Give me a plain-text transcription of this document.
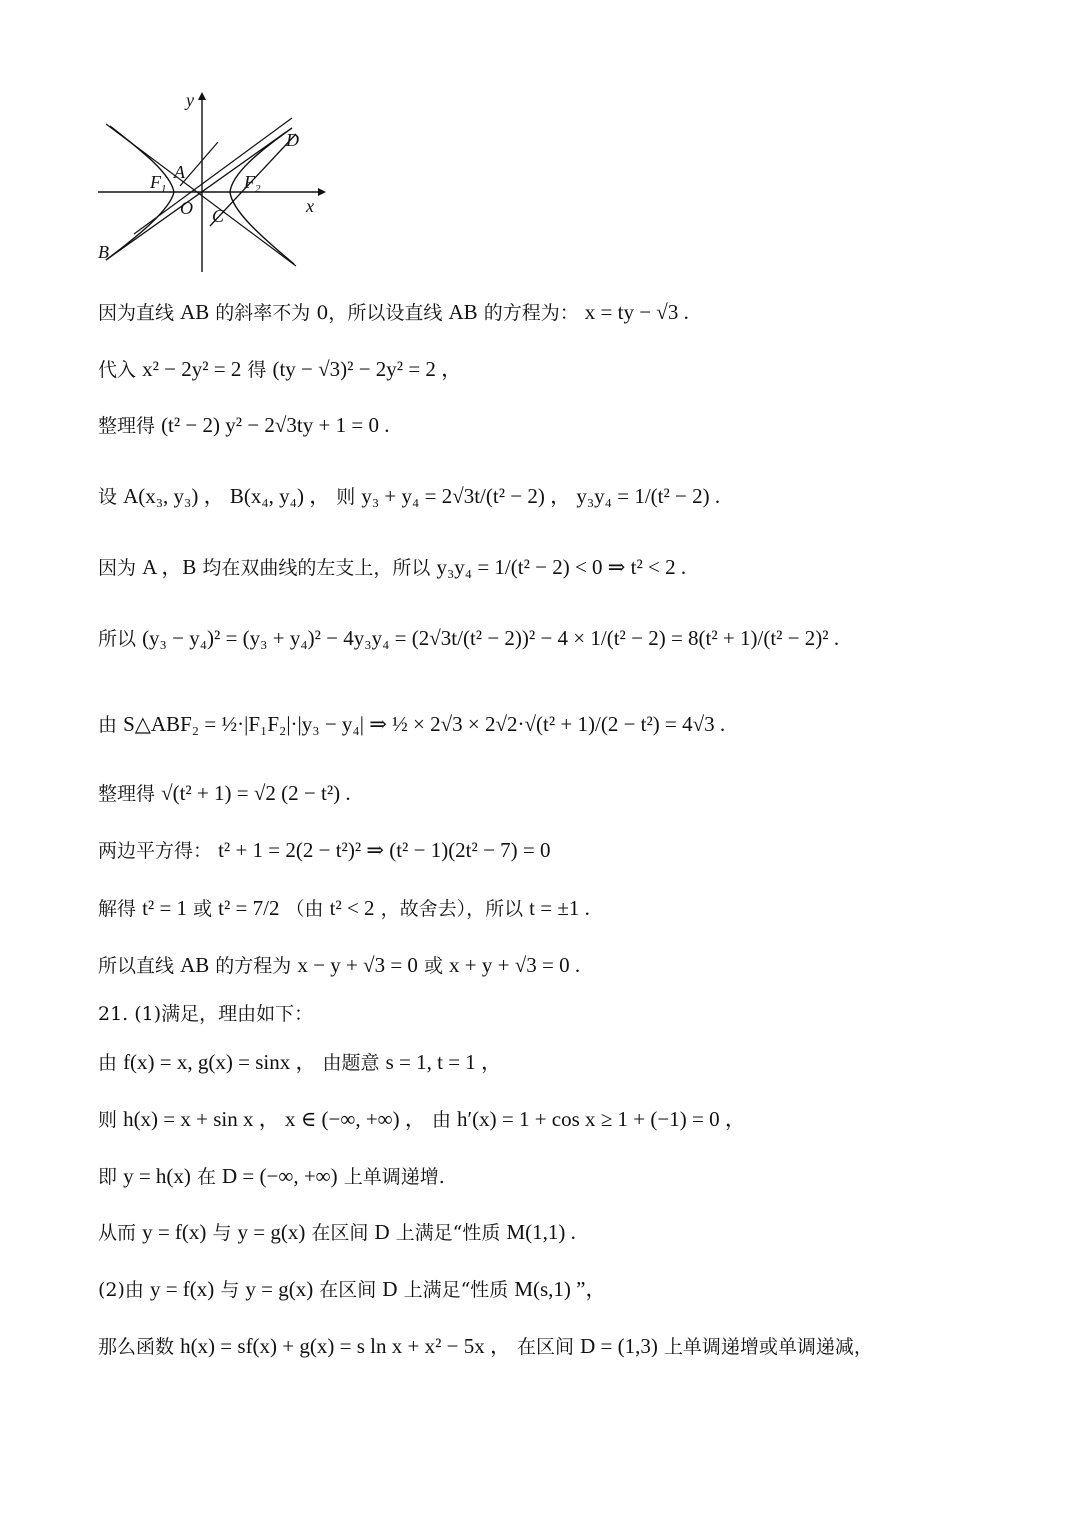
y
x
O
A
B
C
D
$F_1$	$F_2$
因为直线 AB 的斜率不为 0，所以设直线 AB 的方程为： x = ty − √3 .
代入 x² − 2y² = 2 得 (ty − √3)² − 2y² = 2 ，
整理得 (t² − 2) y² − 2√3ty + 1 = 0 .
设 A(x₃, y₃) ， B(x₄, y₄) ， 则 y₃ + y₄ = 2√3t/(t² − 2) ， y₃y₄ = 1/(t² − 2) .
因为 A ，B 均在双曲线的左支上，所以 y₃y₄ = 1/(t² − 2) < 0 ⇒ t² < 2 .
所以 (y₃ − y₄)² = (y₃ + y₄)² − 4y₃y₄ = (2√3t/(t² − 2))² − 4 × 1/(t² − 2) = 8(t² + 1)/(t² − 2)² .
由 S△ABF₂ = ½·|F₁F₂|·|y₃ − y₄| ⇒ ½ × 2√3 × 2√2·√(t² + 1)/(2 − t²) = 4√3 .
整理得 √(t² + 1) = √2 (2 − t²) .
两边平方得： t² + 1 = 2(2 − t²)² ⇒ (t² − 1)(2t² − 7) = 0
解得 t² = 1 或 t² = 7/2 （由 t² < 2 ，故舍去），所以 t = ±1 .
所以直线 AB 的方程为 x − y + √3 = 0 或 x + y + √3 = 0 .
21. (1)满足，理由如下：
由 f(x) = x, g(x) = sinx ， 由题意 s = 1, t = 1 ，
则 h(x) = x + sin x ， x ∈ (−∞, +∞) ， 由 h′(x) = 1 + cos x ≥ 1 + (−1) = 0 ，
即 y = h(x) 在 D = (−∞, +∞) 上单调递增.
从而 y = f(x) 与 y = g(x) 在区间 D 上满足“性质 M(1,1) .
(2)由 y = f(x) 与 y = g(x) 在区间 D 上满足“性质 M(s,1) ”，
那么函数 h(x) = sf(x) + g(x) = s ln x + x² − 5x ， 在区间 D = (1,3) 上单调递增或单调递减，
